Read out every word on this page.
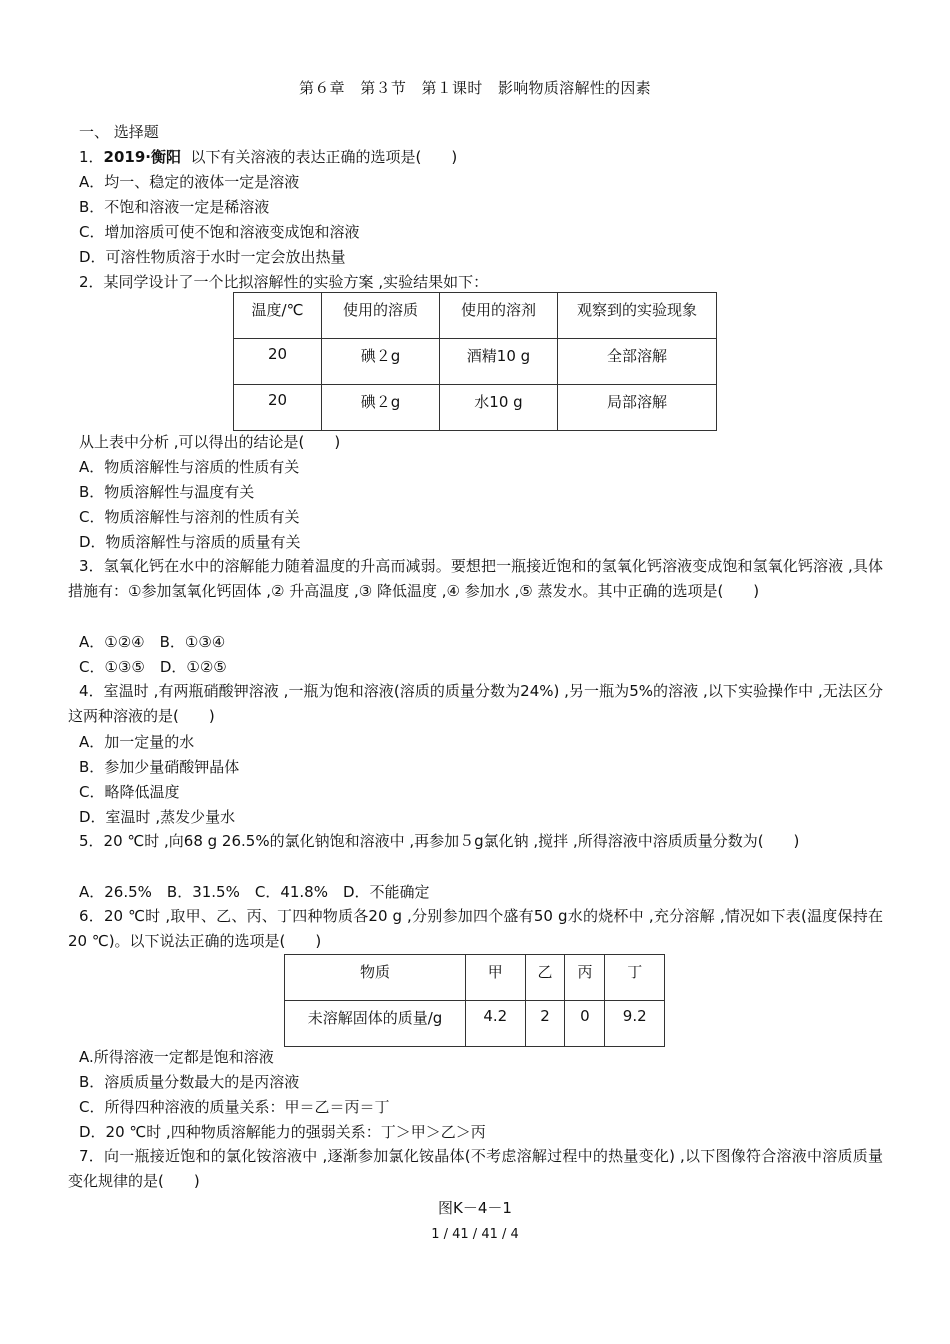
第６章　第３节　第１课时　影响物质溶解性的因素
一、 选择题
1．2019·衡阳  以下有关溶液的表达正确的选项是(　　)
A．均一、稳定的液体一定是溶液
B．不饱和溶液一定是稀溶液
C．增加溶质可使不饱和溶液变成饱和溶液
D．可溶性物质溶于水时一定会放出热量
2．某同学设计了一个比拟溶解性的实验方案 ,实验结果如下：
温度/℃	使用的溶质	使用的溶剂	观察到的实验现象
20	碘２g	酒精10 g	全部溶解
20	碘２g	水10 g	局部溶解
从上表中分析 ,可以得出的结论是(　　)
A．物质溶解性与溶质的性质有关
B．物质溶解性与温度有关
C．物质溶解性与溶剂的性质有关
D．物质溶解性与溶质的质量有关
3．氢氧化钙在水中的溶解能力随着温度的升高而减弱。要想把一瓶接近饱和的氢氧化钙溶液变成饱和氢氧化钙溶液 ,具体措施有：①参加氢氧化钙固体 ,② 升高温度 ,③ 降低温度 ,④ 参加水 ,⑤ 蒸发水。其中正确的选项是(　　)
A．①②④　B．①③④
C．①③⑤　D．①②⑤
4．室温时 ,有两瓶硝酸钾溶液 ,一瓶为饱和溶液(溶质的质量分数为24%) ,另一瓶为5%的溶液 ,以下实验操作中 ,无法区分这两种溶液的是(　　)
A．加一定量的水
B．参加少量硝酸钾晶体
C．略降低温度
D．室温时 ,蒸发少量水
5．20 ℃时 ,向68 g 26.5%的氯化钠饱和溶液中 ,再参加５g氯化钠 ,搅拌 ,所得溶液中溶质质量分数为(　　)
A．26.5%　B．31.5%　C．41.8%　D．不能确定
6．20 ℃时 ,取甲、乙、丙、丁四种物质各20 g ,分别参加四个盛有50 g水的烧杯中 ,充分溶解 ,情况如下表(温度保持在20 ℃)。以下说法正确的选项是(　　)
物质	甲	乙	丙	丁
未溶解固体的质量/g	4.2	2	0	9.2
A.所得溶液一定都是饱和溶液
B．溶质质量分数最大的是丙溶液
C．所得四种溶液的质量关系：甲＝乙＝丙＝丁
D．20 ℃时 ,四种物质溶解能力的强弱关系：丁＞甲＞乙＞丙
7．向一瓶接近饱和的氯化铵溶液中 ,逐渐参加氯化铵晶体(不考虑溶解过程中的热量变化) ,以下图像符合溶液中溶质质量变化规律的是(　　)
图K－4－1
1 / 41 / 41 / 4
